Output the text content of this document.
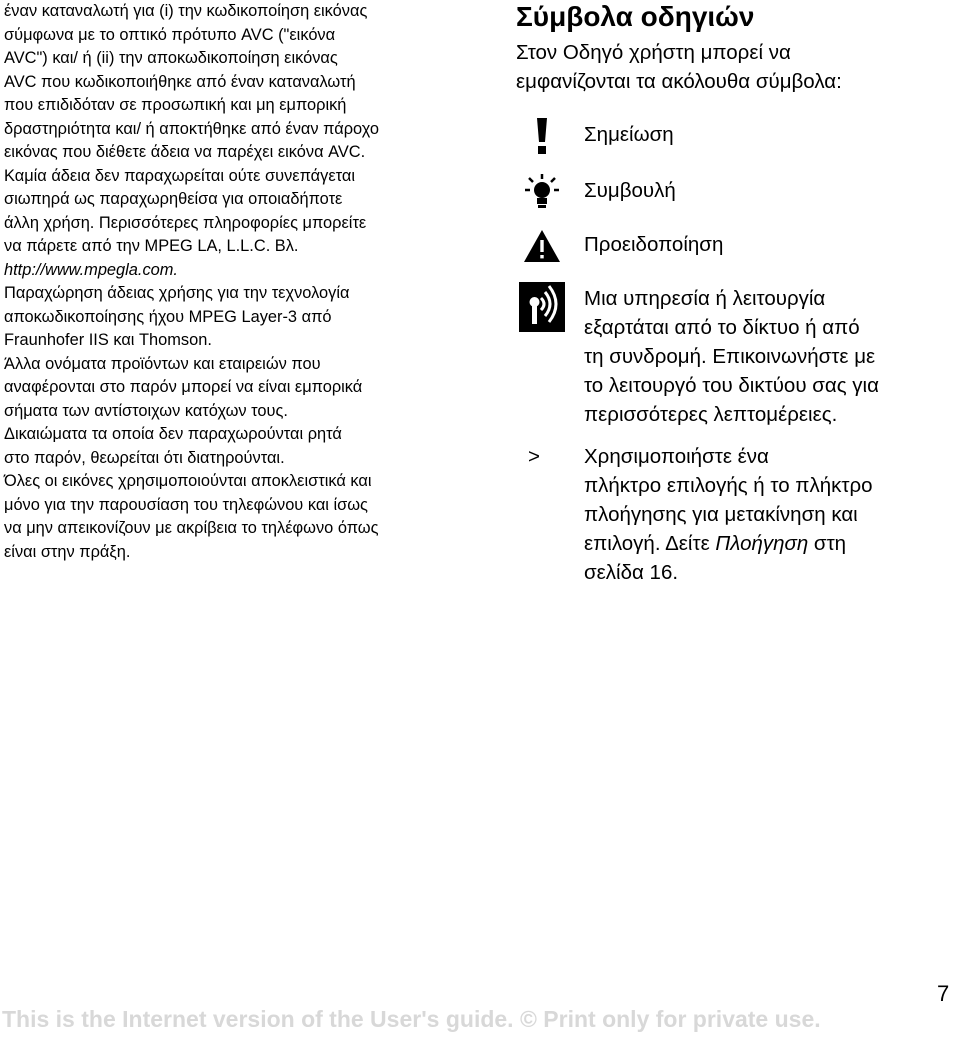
έναν καταναλωτή για (i) την κωδικοποίηση εικόνας
σύμφωνα με το οπτικό πρότυπο AVC ("εικόνα
AVC") και/ ή (ii) την αποκωδικοποίηση εικόνας
AVC που κωδικοποιήθηκε από έναν καταναλωτή
που επιδιδόταν σε προσωπική και μη εμπορική
δραστηριότητα και/ ή αποκτήθηκε από έναν πάροχο
εικόνας που διέθετε άδεια να παρέχει εικόνα AVC.
Καμία άδεια δεν παραχωρείται ούτε συνεπάγεται
σιωπηρά ως παραχωρηθείσα για οποιαδήποτε
άλλη χρήση. Περισσότερες πληροφορίες μπορείτε
να πάρετε από την MPEG LA, L.L.C. Βλ.
http://www.mpegla.com.
Παραχώρηση άδειας χρήσης για την τεχνολογία
αποκωδικοποίησης ήχου MPEG Layer-3 από
Fraunhofer IIS και Thomson.
Άλλα ονόματα προϊόντων και εταιρειών που
αναφέρονται στο παρόν μπορεί να είναι εμπορικά
σήματα των αντίστοιχων κατόχων τους.
Δικαιώματα τα οποία δεν παραχωρούνται ρητά
στο παρόν, θεωρείται ότι διατηρούνται.
Όλες οι εικόνες χρησιμοποιούνται αποκλειστικά και
μόνο για την παρουσίαση του τηλεφώνου και ίσως
να μην απεικονίζουν με ακρίβεια το τηλέφωνο όπως
είναι στην πράξη.
Σύμβολα οδηγιών
Στον Οδηγό χρήστη μπορεί να
εμφανίζονται τα ακόλουθα σύμβολα:
Σημείωση
Συμβουλή
Προειδοποίηση
Μια υπηρεσία ή λειτουργία
εξαρτάται από το δίκτυο ή από
τη συνδρομή. Επικοινωνήστε με
το λειτουργό του δικτύου σας για
περισσότερες λεπτομέρειες.
> Χρησιμοποιήστε ένα
πλήκτρο επιλογής ή το πλήκτρο
πλοήγησης για μετακίνηση και
επιλογή. Δείτε Πλοήγηση στη
σελίδα 16.
7
This is the Internet version of the User's guide. © Print only for private use.
